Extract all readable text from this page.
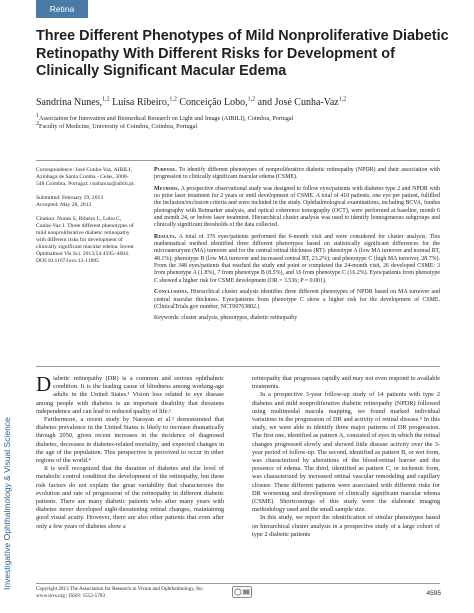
Retina
Investigative Ophthalmology & Visual Science
Three Different Phenotypes of Mild Nonproliferative Diabetic Retinopathy With Different Risks for Development of Clinically Significant Macular Edema
Sandrina Nunes,$^{1,2}$ Luisa Ribeiro,$^{1,2}$ Conceição Lobo,$^{1,2}$ and José Cunha-Vaz$^{1,2}$
$^1$Association for Innovation and Biomedical Research on Light and Image (AIBILI), Coimbra, Portugal
$^2$Faculty of Medicine, University of Coimbra, Coimbra, Portugal

Correspondence: José Cunha-Vaz, AIBILI, Azinhaga de Santa Comba - Celas, 3000-548 Coimbra, Portugal; cunhavaz@aibili.pt.

Submitted: February 19, 2013
Accepted: May 28, 2013

Citation: Nunes S, Ribeiro L, Lobo C, Cunha-Vaz J. Three different phenotypes of mild nonproliferative diabetic retinopathy with different risks for development of clinically significant macular edema. Invest Ophthalmol Vis Sci. 2013;54:4595–4604. DOI:10.1167/iovs.13-11895

Purpose. To identify different phenotypes of nonproliferative diabetic retinopathy (NPDR) and their association with progression to clinically significant macular edema (CSME).

Methods. A prospective observational study was designed to follow eyes/patients with diabetes type 2 and NPDR with no prior laser treatment for 2 years or until development of CSME. A total of 410 patients, one eye per patient, fulfilled the inclusion/exclusion criteria and were included in the study. Ophthalmological examinations, including BCVA, fundus photography with Retmarker analysis, and optical coherence tomography (OCT), were performed at baseline, month 6 and month 24, or before laser treatment. Hierarchical cluster analysis was used to identify homogeneous subgroups and clinically significant thresholds of the data collected.

Results. A total of 376 eyes/patients performed the 6-month visit and were considered for cluster analysis. This mathematical method identified three different phenotypes based on statistically significant differences for the microaneurysm (MA) turnover and for the central retinal thickness (RT): phenotype A (low MA turnover and normal RT, 48.1%); phenotype B (low MA turnover and increased central RT, 23.2%); and phenotype C (high MA turnover, 28.7%). From the 348 eyes/patients that reached the study end point or completed the 24-month visit, 26 developed CSME: 3 from phenotype A (1.8%), 7 from phenotype B (8.5%), and 16 from phenotype C (16.2%). Eyes/patients from phenotype C showed a higher risk for CSME development (OR = 3.536; P = 0.001).

Conclusions. Hierarchical cluster analysis identifies three different phenotypes of NPDR based on MA turnover and central macular thickness. Eyes/patients from phenotype C show a higher risk for the development of CSME. (ClinicalTrials.gov number, NCT00763802.)

Keywords: cluster analysis, phenotypes, diabetic retinopathy

Diabetic retinopathy (DR) is a common and serious ophthalmic condition. It is the leading cause of blindness among working-age adults in the United States.¹ Vision loss related to eye disease among people with diabetes is an important disability that threatens independence and can lead to reduced quality of life.²

Furthermore, a recent study by Narayan et al.³ demonstrated that diabetes prevalence in the United States is likely to increase dramatically through 2050, given recent increases in the incidence of diagnosed diabetes, decreases in diabetes-related mortality, and expected changes in the age of the population. This perspective is perceived to occur in other regions of the world.⁴

It is well recognized that the duration of diabetes and the level of metabolic control condition the development of the retinopathy, but these risk factors do not explain the great variability that characterizes the evolution and rate of progression of the retinopathy in different diabetic patients. There are many diabetic patients who after many years with diabetes never developed sight-threatening retinal changes, maintaining good visual acuity. However, there are also other patients that even after only a few years of diabetes show a

retinopathy that progresses rapidly and may not even respond to available treatments.

In a prospective 3-year follow-up study of 14 patients with type 2 diabetes and mild nonproliferative diabetic retinopathy (NPDR) followed using multimodal macula mapping, we found marked individual variations in the progression of DR and activity of retinal disease.⁵ In this study, we were able to identify three major patterns of DR progression. The first one, identified as pattern A, consisted of eyes in which the retinal changes progressed slowly and showed little disease activity over the 3-year period of follow-up. The second, identified as pattern B, or wet form, was characterized by alterations of the blood-retinal barrier and the presence of edema. The third, identified as pattern C, or ischemic form, was characterized by increased retinal vascular remodeling and capillary closure. These different patterns were associated with different risks for DR worsening and development of clinically significant macular edema (CSME). Shortcomings of this study were the elaborate imaging methodology used and the small sample size.

In this study, we report the identification of similar phenotypes based on hierarchical cluster analysis in a prospective study of a large cohort of type 2 diabetic patients

Copyright 2013 The Association for Research in Vision and Ophthalmology, Inc.
www.iovs.org | ISSN: 1552-5783	4595
